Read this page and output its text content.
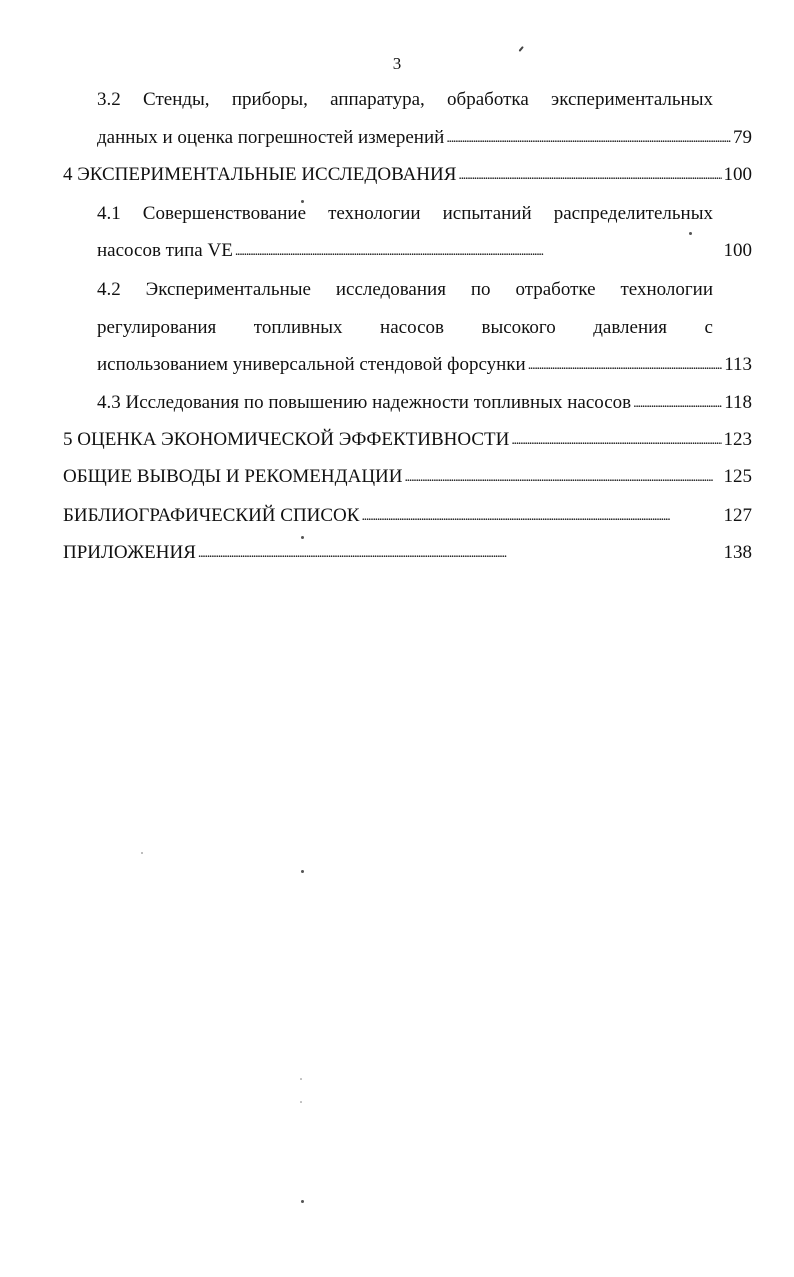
3
3.2 Стенды, приборы, аппаратура, обработка экспериментальных
данных и оценка погрешностей измерений . . .	79
4 ЭКСПЕРИМЕНТАЛЬНЫЕ ИССЛЕДОВАНИЯ . . .	100
4.1 Совершенствование технологии испытаний распределительных
насосов типа VE . . .	100
4.2 Экспериментальные исследования по отработке технологии
регулирования топливных насосов высокого давления с
использованием универсальной стендовой форсунки . . .	113
4.3 Исследования по повышению надежности топливных насосов . . .	118
5 ОЦЕНКА ЭКОНОМИЧЕСКОЙ ЭФФЕКТИВНОСТИ . . .	123
ОБЩИЕ ВЫВОДЫ И РЕКОМЕНДАЦИИ . . .	125
БИБЛИОГРАФИЧЕСКИЙ СПИСОК . . .	127
ПРИЛОЖЕНИЯ . . .	138
